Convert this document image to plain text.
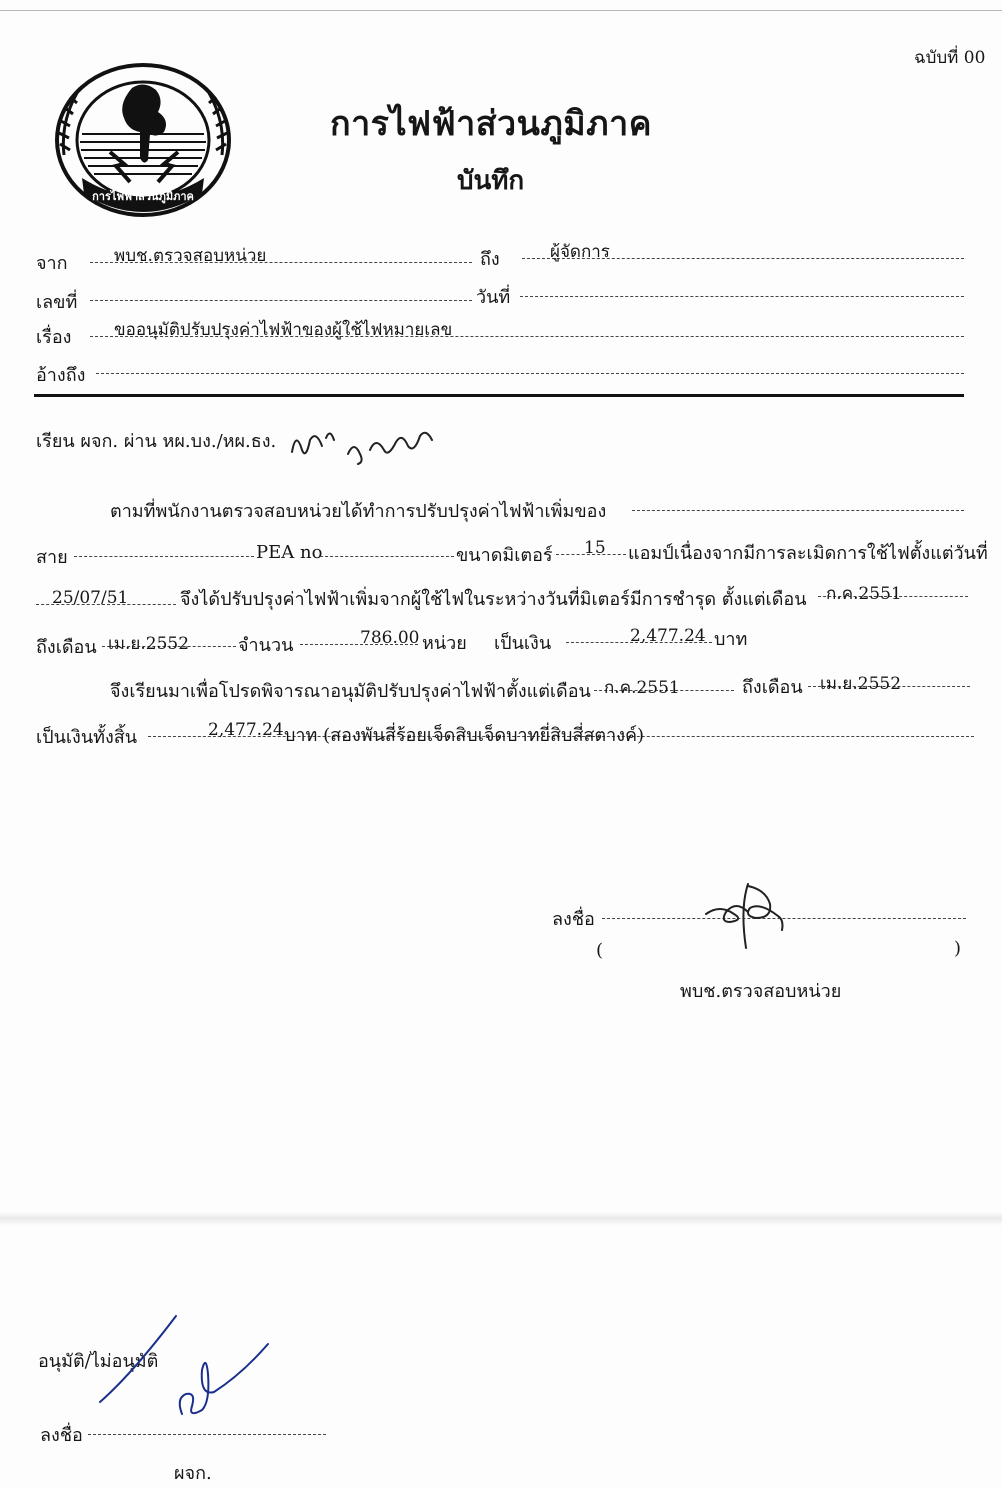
ฉบับที่ 00
การไฟฟ้าส่วนภูมิภาค
การไฟฟ้าส่วนภูมิภาค
บันทึก
จาก	พบช.ตรวจสอบหน่วย	ถึง	ผู้จัดการ
เลขที่	วันที่
เรื่อง	ขออนุมัติปรับปรุงค่าไฟฟ้าของผู้ใช้ไฟหมายเลข
อ้างถึง
เรียน ผจก. ผ่าน หผ.บง./หผ.ธง.
ตามที่พนักงานตรวจสอบหน่วยได้ทำการปรับปรุงค่าไฟฟ้าเพิ่มของ
สาย	PEA no	ขนาดมิเตอร์ 15 แอมป์เนื่องจากมีการละเมิดการใช้ไฟตั้งแต่วันที่
25/07/51	จึงได้ปรับปรุงค่าไฟฟ้าเพิ่มจากผู้ใช้ไฟในระหว่างวันที่มิเตอร์มีการชำรุด ตั้งแต่เดือน ก.ค.2551
ถึงเดือน เม.ย.2552	จำนวน	786.00 หน่วย เป็นเงิน	2,477.24 บาท
จึงเรียนมาเพื่อโปรดพิจารณาอนุมัติปรับปรุงค่าไฟฟ้าตั้งแต่เดือน ก.ค.2551	ถึงเดือน เม.ย.2552
เป็นเงินทั้งสิ้น	2,477.24 บาท (สองพันสี่ร้อยเจ็ดสิบเจ็ดบาทยี่สิบสี่สตางค์)
ลงชื่อ
(	)
พบช.ตรวจสอบหน่วย
อนุมัติ/ไม่อนุมัติ
ลงชื่อ
ผจก.
